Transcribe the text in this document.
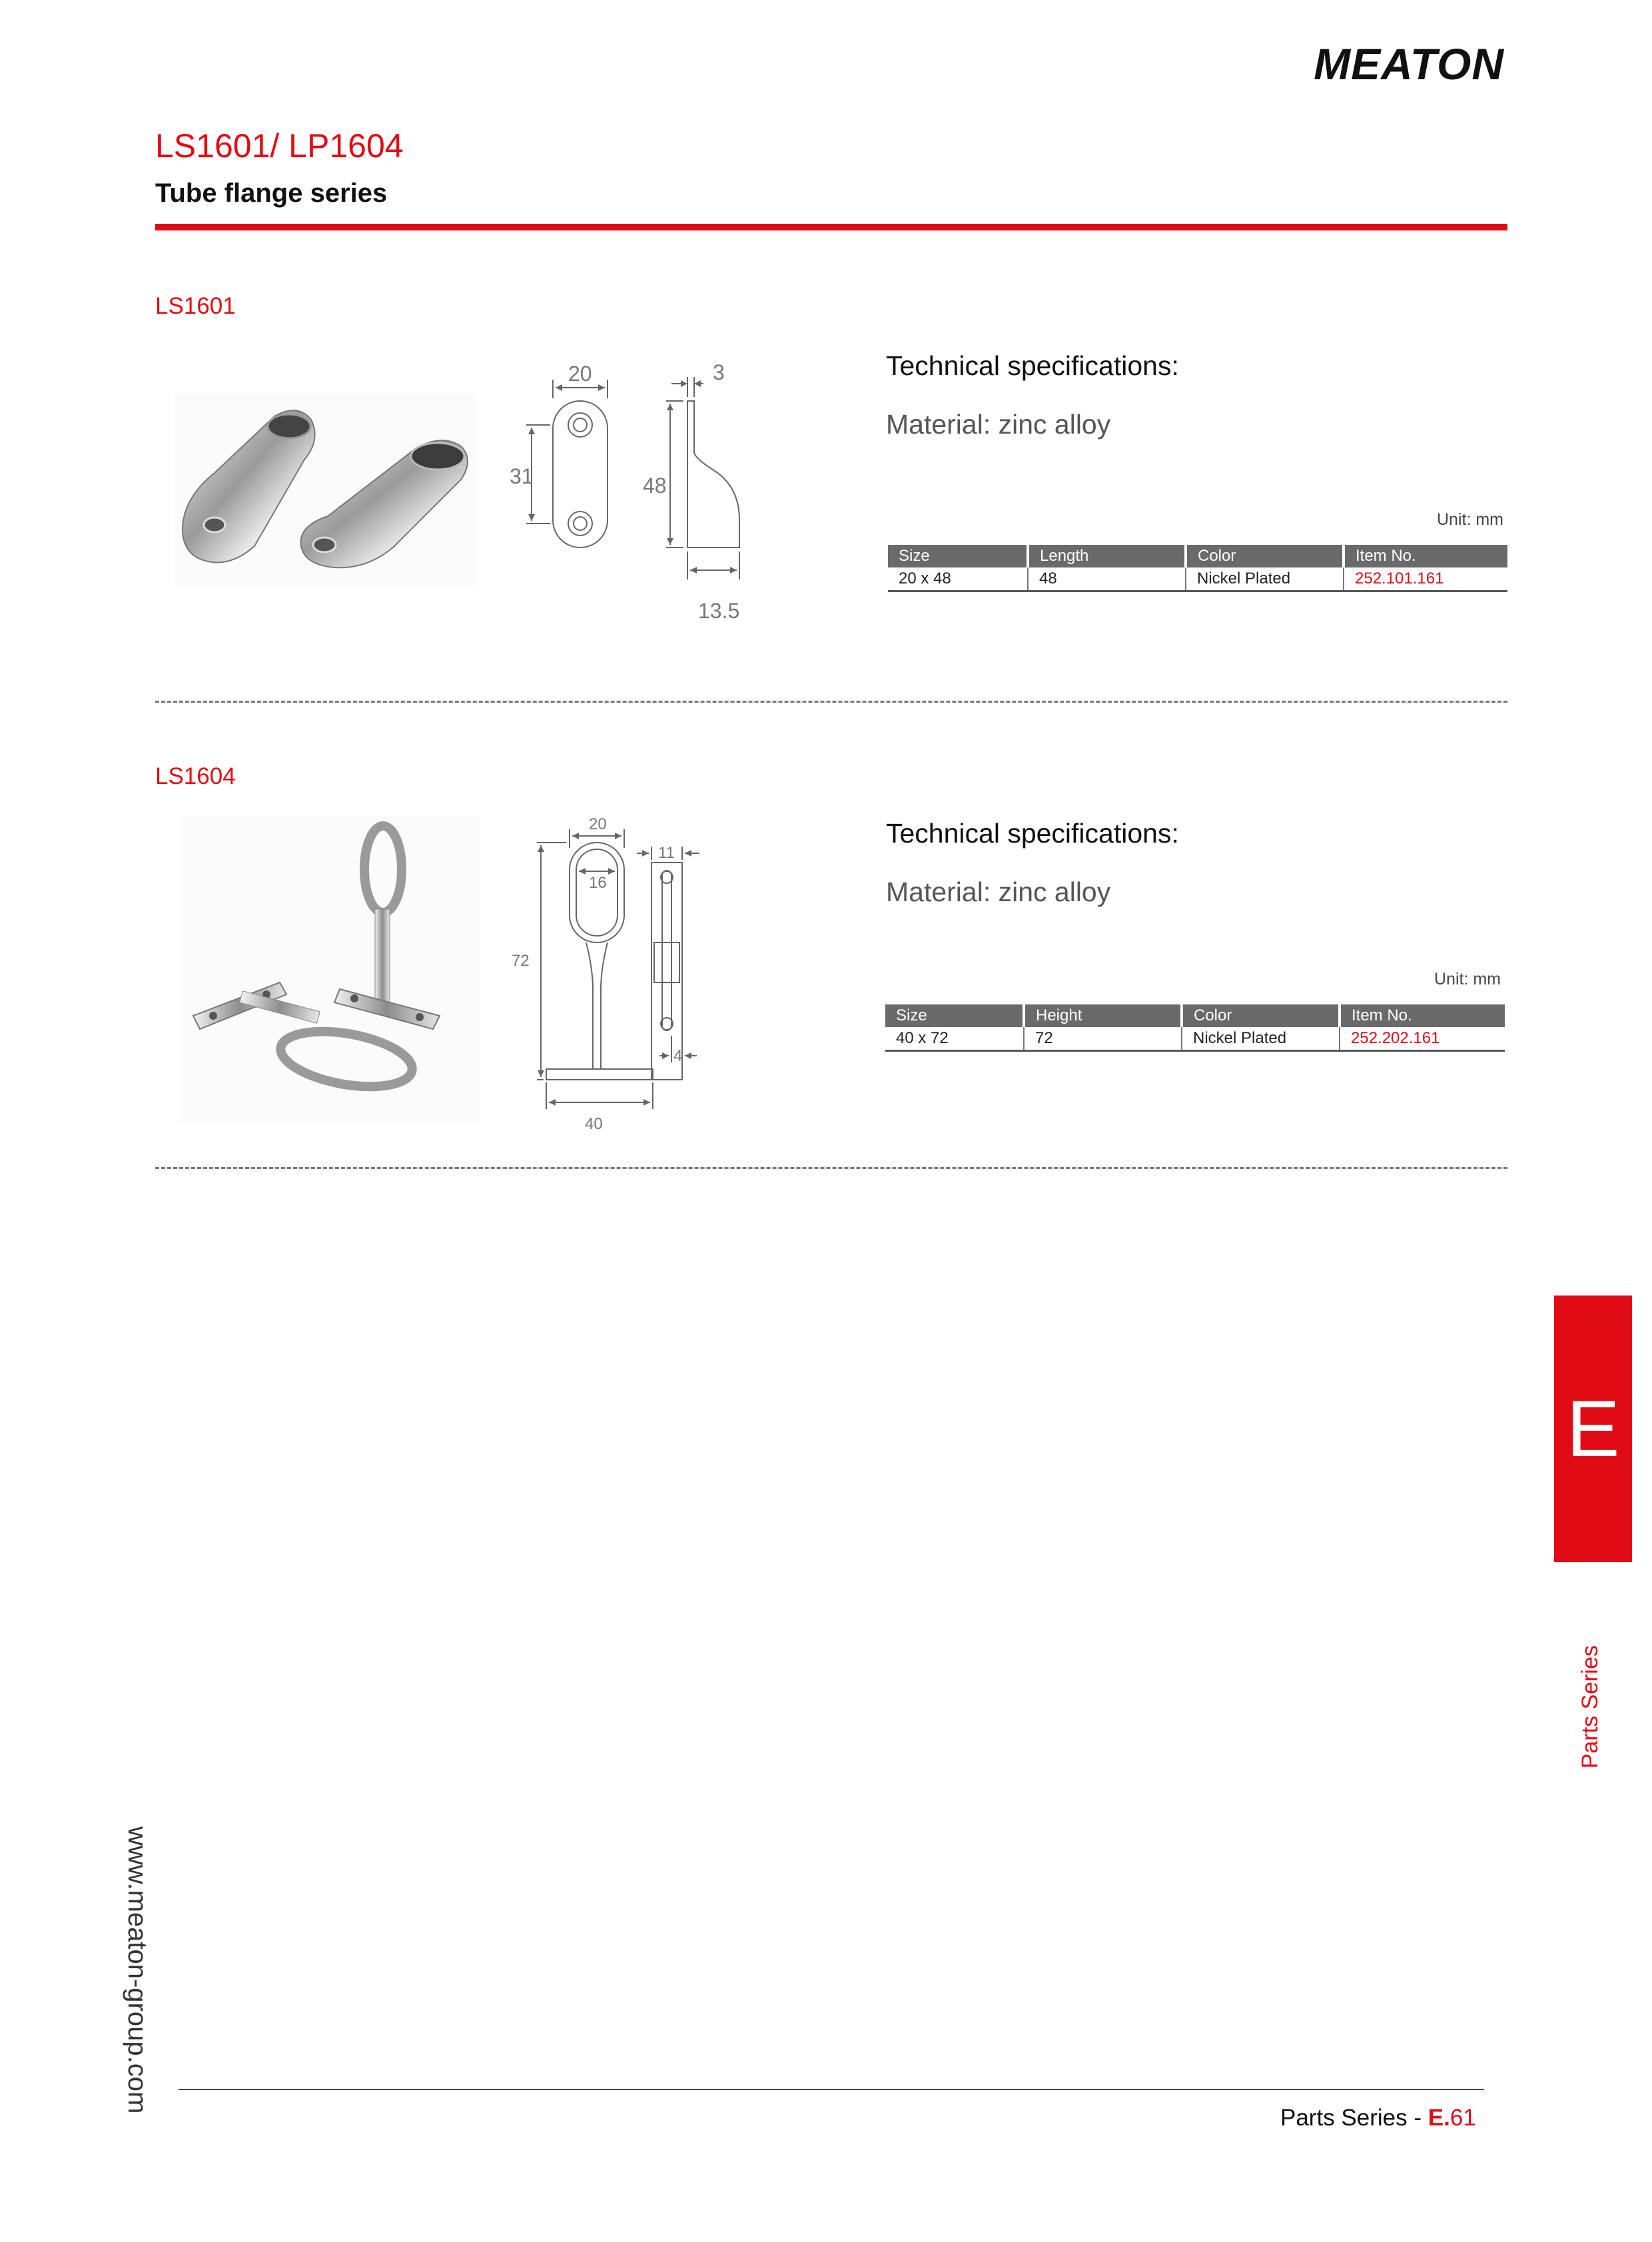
MEATON
LS1601/ LP1604
Tube flange series
LS1601
20	3
31	48
13.5
Technical specifications:
Material: zinc alloy
Unit: mm
Size	Length	Color	Item No.
20 x 48	48	Nickel Plated	252.101.161
LS1604
20
16
72
40
11
4
Technical specifications:
Material: zinc alloy
Unit: mm
Size	Height	Color	Item No.
40 x 72	72	Nickel Plated	252.202.161
E
Parts Series
www.meaton-group.com
Parts Series - E.61
